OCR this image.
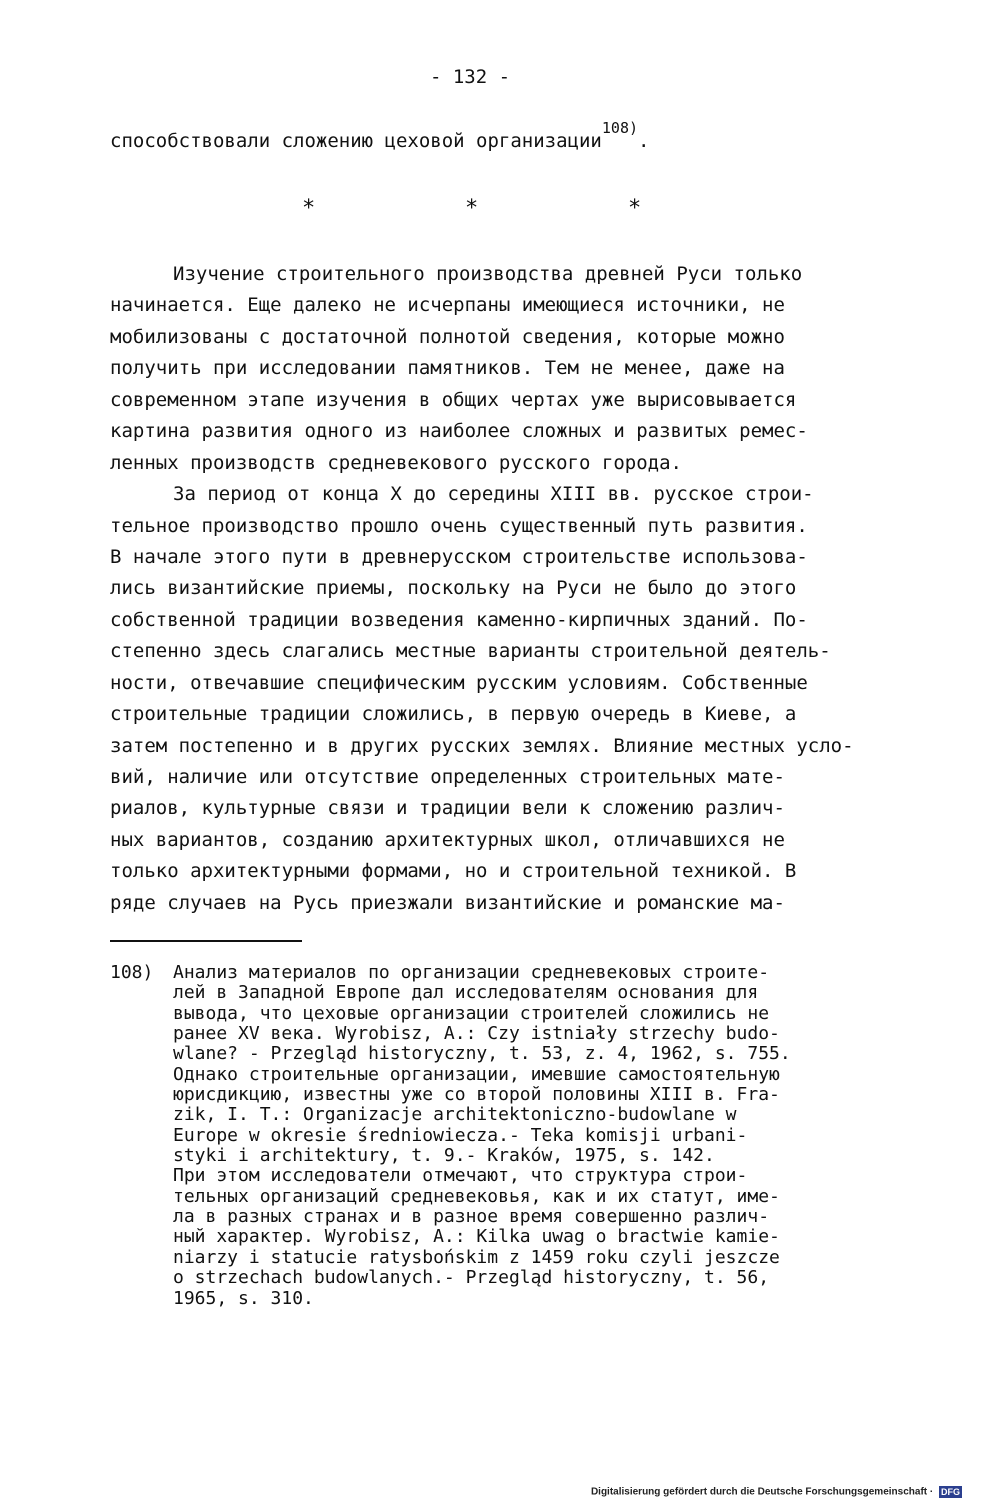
- 132 -
способствовали сложению цеховой организации$^{108)}$.
*	*	*
Изучение строительного производства древней Руси только
начинается. Еще далеко не исчерпаны имеющиеся источники, не
мобилизованы с достаточной полнотой сведения, которые можно
получить при исследовании памятников. Тем не менее, даже на
современном этапе изучения в общих чертах уже вырисовывается
картина развития одного из наиболее сложных и развитых ремес-
ленных производств средневекового русского города.
За период от конца X до середины XIII вв. русское строи-
тельное производство прошло очень существенный путь развития.
В начале этого пути в древнерусском строительстве использова-
лись византийские приемы, поскольку на Руси не было до этого
собственной традиции возведения каменно-кирпичных зданий. По-
степенно здесь слагались местные варианты строительной деятель-
ности, отвечавшие специфическим русским условиям. Собственные
строительные традиции сложились, в первую очередь в Киеве, а
затем постепенно и в других русских землях. Влияние местных усло-
вий, наличие или отсутствие определенных строительных мате-
риалов, культурные связи и традиции вели к сложению различ-
ных вариантов, созданию архитектурных школ, отличавшихся не
только архитектурными формами, но и строительной техникой. В
ряде случаев на Русь приезжали византийские и романские ма-
108) Анализ материалов по организации средневековых строите-
лей в Западной Европе дал исследователям основания для
вывода, что цеховые организации строителей сложились не
ранее XV века. Wyrobisz, A.: Czy istniały strzechy budo-
wlane? - Przegląd historyczny, t. 53, z. 4, 1962, s. 755.
Однако строительные организации, имевшие самостоятельную
юрисдикцию, известны уже со второй половины XIII в. Fra-
zik, I. T.: Organizacje architektoniczno-budowlane w
Europe w okresie średniowiecza.- Teka komisji urbani-
styki i architektury, t. 9.- Kraków, 1975, s. 142.
При этом исследователи отмечают, что структура строи-
тельных организаций средневековья, как и их статут, име-
ла в разных странах и в разное время совершенно различ-
ный характер. Wyrobisz, A.: Kilka uwag o bractwie kamie-
niarzy i statucie ratysbońskim z 1459 roku czyli jeszcze
o strzechach budowlanych.- Przegląd historyczny, t. 56,
1965, s. 310.
Digitalisierung gefördert durch die Deutsche Forschungsgemeinschaft · DFG
